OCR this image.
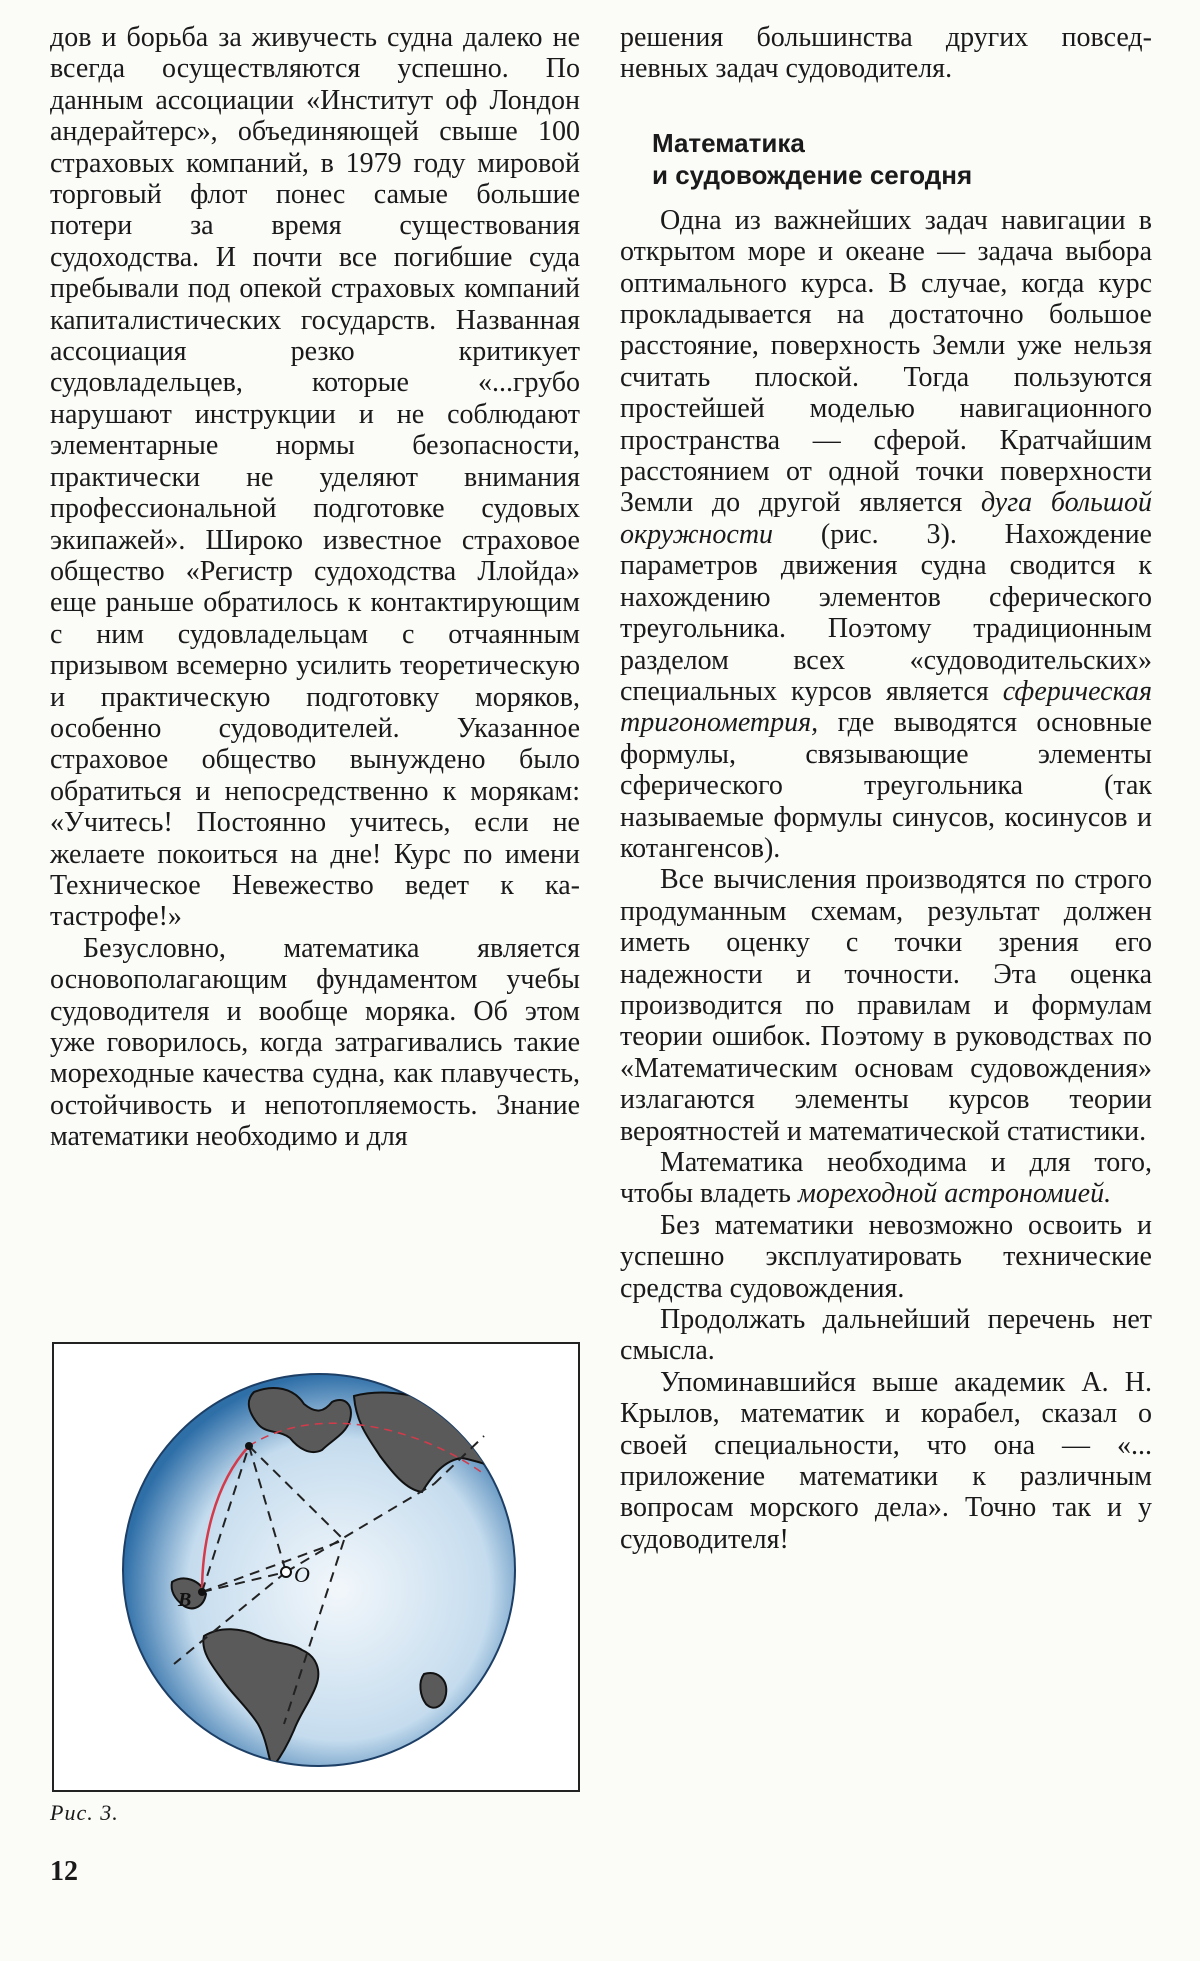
дов и борьба за живучесть судна далеко не всегда осуществляются успешно. По данным ассоциации «Институт оф Лондон андерайтерс», объединяющей свыше 100 страховых компаний, в 1979 году мировой торговый флот понес самые большие потери за время существования судоходства. И почти все погибшие суда пребывали под опекой страховых компаний капиталистических государств. Названная ассоциация резко критикует судовладельцев, которые «...грубо нарушают инструкции и не соблюдают элементарные нормы безопасности, практически не уделяют внимания профессиональной подготовке судовых экипажей». Широко известное страховое общество «Регистр судоходства Ллойда» еще раньше обратилось к контактирующим с ним судовладельцам с отчаянным призывом всемерно усилить теоретическую и практическую подготовку моряков, особенно судоводителей. Указанное страховое общество вынуждено было обратиться и непосредственно к морякам: «Учитесь! Постоянно учитесь, если не желаете покоиться на дне! Курс по имени Техническое Невежество ведет к катастрофе!»

Безусловно, математика является основополагающим фундаментом учебы судоводителя и вообще моряка. Об этом уже говорилось, когда затрагивались такие мореходные качества судна, как плавучесть, остойчивость и непотопляемость. Знание математики необходимо и для

решения большинства других повседневных задач судоводителя.

Математика
и судовождение сегодня

Одна из важнейших задач навигации в открытом море и океане — задача выбора оптимального курса. В случае, когда курс прокладывается на достаточно большое расстояние, поверхность Земли уже нельзя считать плоской. Тогда пользуются простейшей моделью навигационного пространства — сферой. Кратчайшим расстоянием от одной точки поверхности Земли до другой является дуга большой окружности (рис. 3). Нахождение параметров движения судна сводится к нахождению элементов сферического треугольника. Поэтому традиционным разделом всех «судоводительских» специальных курсов является сферическая тригонометрия, где выводятся основные формулы, связывающие элементы сферического треугольника (так называемые формулы синусов, косинусов и котангенсов).

Все вычисления производятся по строго продуманным схемам, результат должен иметь оценку с точки зрения его надежности и точности. Эта оценка производится по правилам и формулам теории ошибок. Поэтому в руководствах по «Математическим основам судовождения» излагаются элементы курсов теории вероятностей и математической статистики.

Математика необходима и для того, чтобы владеть мореходной астрономией.

Без математики невозможно освоить и успешно эксплуатировать технические средства судовождения.

Продолжать дальнейший перечень нет смысла.

Упоминавшийся выше академик А. Н. Крылов, математик и корабел, сказал о своей специальности, что она — «... приложение математики к различным вопросам морского дела». Точно так и у судоводителя!

O
B
Рис. 3.
12
